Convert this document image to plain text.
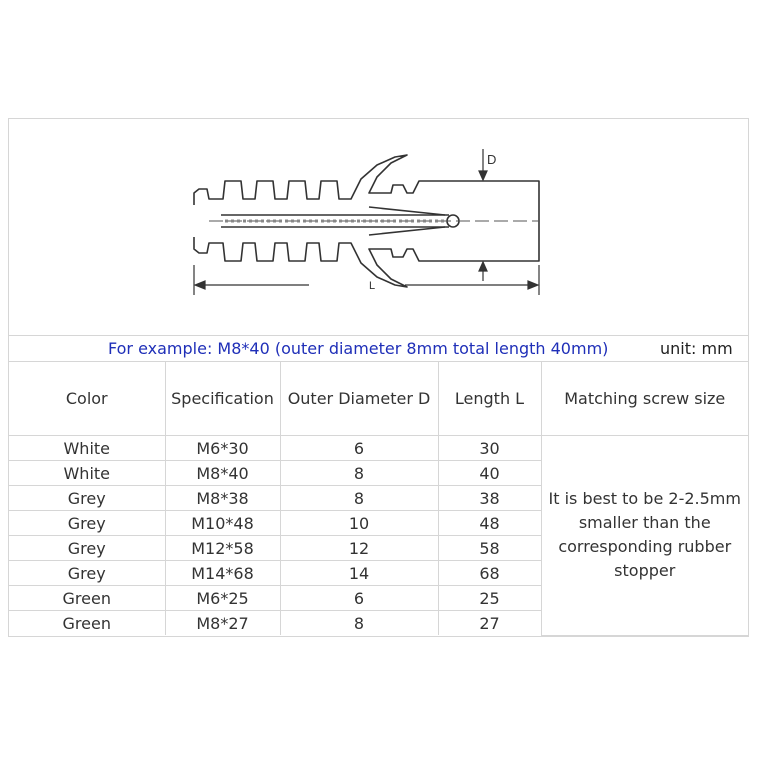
D
L
For example: M8*40 (outer diameter 8mm total length 40mm)	unit: mm
Color	Specification	Outer Diameter D	Length L	Matching screw size
White	M6*30	6	30	It is best to be 2-2.5mm smaller than the corresponding rubber stopper
White	M8*40	8	40	
Grey	M8*38	8	38	
Grey	M10*48	10	48	
Grey	M12*58	12	58	
Grey	M14*68	14	68	
Green	M6*25	6	25	
Green	M8*27	8	27	
